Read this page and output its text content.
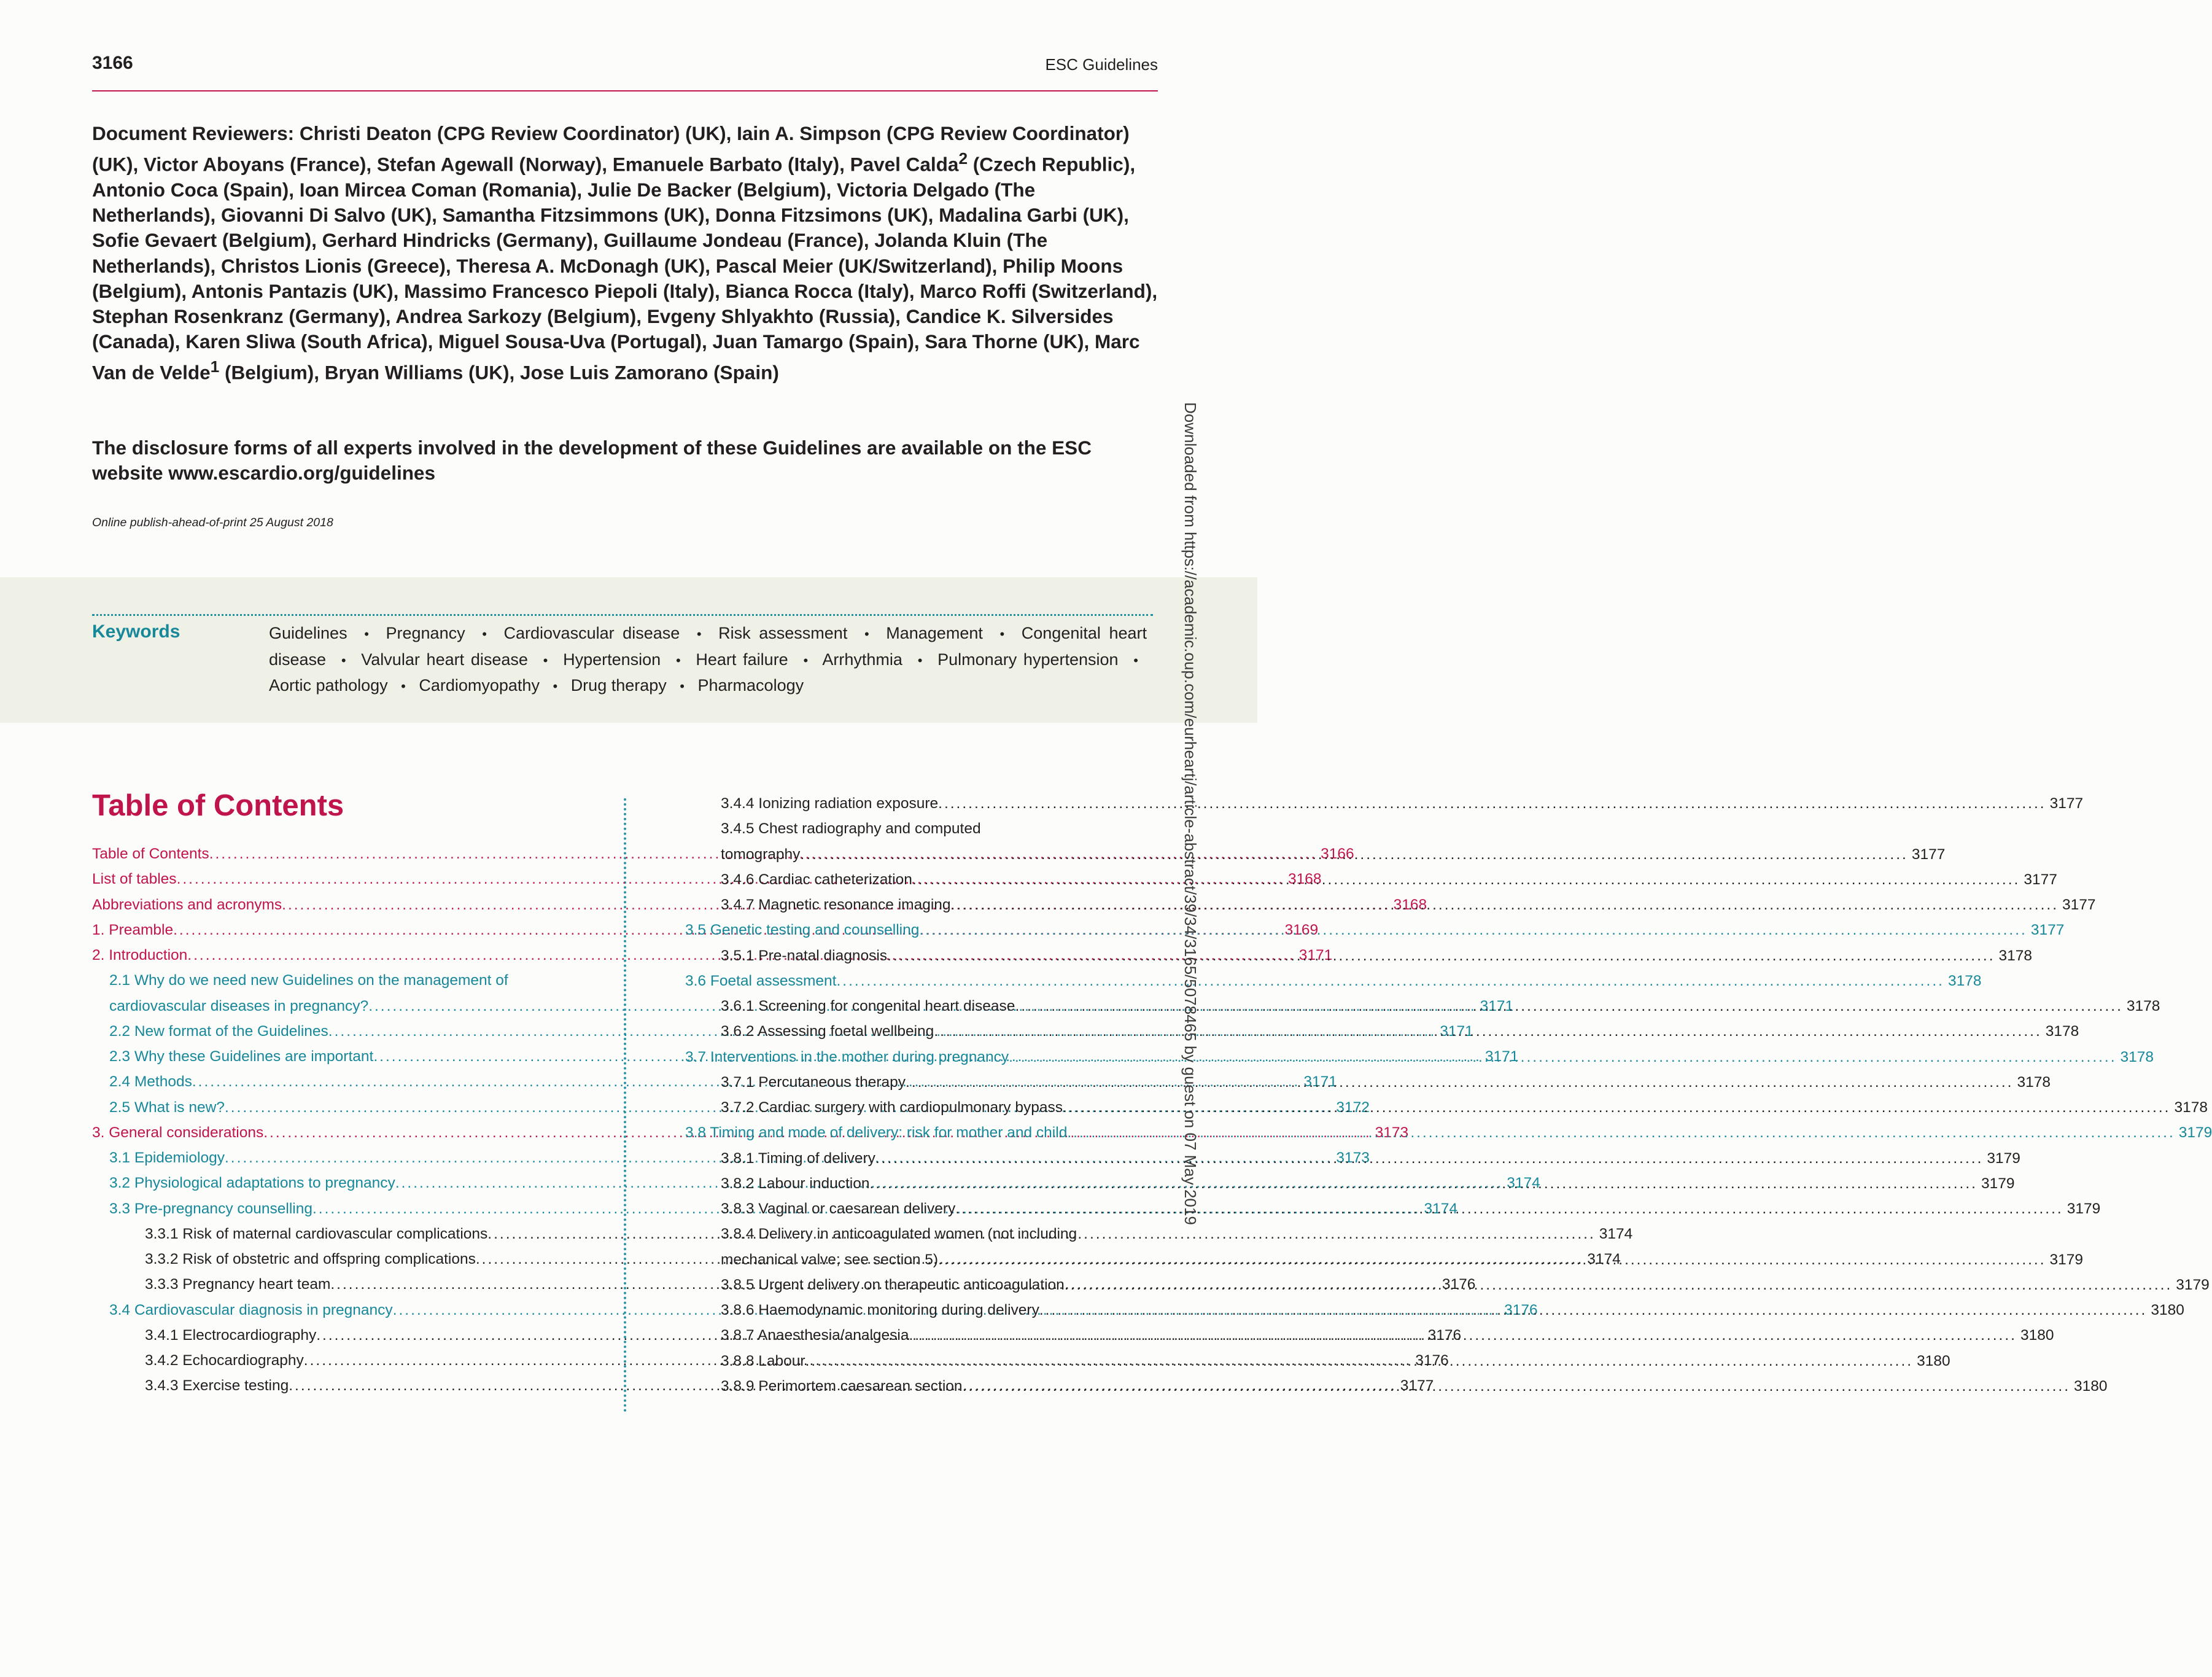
3166	ESC Guidelines
Document Reviewers: Christi Deaton (CPG Review Coordinator) (UK), Iain A. Simpson (CPG Review Coordinator) (UK), Victor Aboyans (France), Stefan Agewall (Norway), Emanuele Barbato (Italy), Pavel Calda$^2$ (Czech Republic), Antonio Coca (Spain), Ioan Mircea Coman (Romania), Julie De Backer (Belgium), Victoria Delgado (The Netherlands), Giovanni Di Salvo (UK), Samantha Fitzsimmons (UK), Donna Fitzsimons (UK), Madalina Garbi (UK), Sofie Gevaert (Belgium), Gerhard Hindricks (Germany), Guillaume Jondeau (France), Jolanda Kluin (The Netherlands), Christos Lionis (Greece), Theresa A. McDonagh (UK), Pascal Meier (UK/Switzerland), Philip Moons (Belgium), Antonis Pantazis (UK), Massimo Francesco Piepoli (Italy), Bianca Rocca (Italy), Marco Roffi (Switzerland), Stephan Rosenkranz (Germany), Andrea Sarkozy (Belgium), Evgeny Shlyakhto (Russia), Candice K. Silversides (Canada), Karen Sliwa (South Africa), Miguel Sousa-Uva (Portugal), Juan Tamargo (Spain), Sara Thorne (UK), Marc Van de Velde$^1$ (Belgium), Bryan Williams (UK), Jose Luis Zamorano (Spain)
The disclosure forms of all experts involved in the development of these Guidelines are available on the ESC website www.escardio.org/guidelines
Online publish-ahead-of-print 25 August 2018
Keywords	Guidelines • Pregnancy • Cardiovascular disease • Risk assessment • Management • Congenital heart disease • Valvular heart disease • Hypertension • Heart failure • Arrhythmia • Pulmonary hypertension • Aortic pathology • Cardiomyopathy • Drug therapy • Pharmacology
Table of Contents
Table of Contents .....	3166
List of tables .....	3168
Abbreviations and acronyms .....	3168
1. Preamble .....	3169
2. Introduction .....	3171
2.1 Why do we need new Guidelines on the management of
cardiovascular diseases in pregnancy? .....	3171
2.2 New format of the Guidelines .....	3171
2.3 Why these Guidelines are important .....	3171
2.4 Methods .....	3171
2.5 What is new? .....	3172
3. General considerations .....	3173
3.1 Epidemiology .....	3173
3.2 Physiological adaptations to pregnancy .....	3174
3.3 Pre-pregnancy counselling .....	3174
3.3.1 Risk of maternal cardiovascular complications .....	3174
3.3.2 Risk of obstetric and offspring complications .....	3174
3.3.3 Pregnancy heart team .....	3176
3.4 Cardiovascular diagnosis in pregnancy .....	3176
3.4.1 Electrocardiography .....	3176
3.4.2 Echocardiography .....	3176
3.4.3 Exercise testing .....	3177
3.4.4 Ionizing radiation exposure .....	3177
3.4.5 Chest radiography and computed
tomography .....	3177
3.4.6 Cardiac catheterization .....	3177
3.4.7 Magnetic resonance imaging .....	3177
3.5 Genetic testing and counselling .....	3177
3.5.1 Pre-natal diagnosis .....	3178
3.6 Foetal assessment .....	3178
3.6.1 Screening for congenital heart disease .....	3178
3.6.2 Assessing foetal wellbeing .....	3178
3.7 Interventions in the mother during pregnancy .....	3178
3.7.1 Percutaneous therapy .....	3178
3.7.2 Cardiac surgery with cardiopulmonary bypass .....	3178
3.8 Timing and mode of delivery: risk for mother and child .....	3179
3.8.1 Timing of delivery .....	3179
3.8.2 Labour induction .....	3179
3.8.3 Vaginal or caesarean delivery .....	3179
3.8.4 Delivery in anticoagulated women (not including
mechanical valve; see section 5) .....	3179
3.8.5 Urgent delivery on therapeutic anticoagulation .....	3179
3.8.6 Haemodynamic monitoring during delivery .....	3180
3.8.7 Anaesthesia/analgesia .....	3180
3.8.8 Labour .....	3180
3.8.9 Perimortem caesarean section .....	3180
Downloaded from https://academic.oup.com/eurheartj/article-abstract/39/34/3165/5078465 by guest on 07 May 2019
